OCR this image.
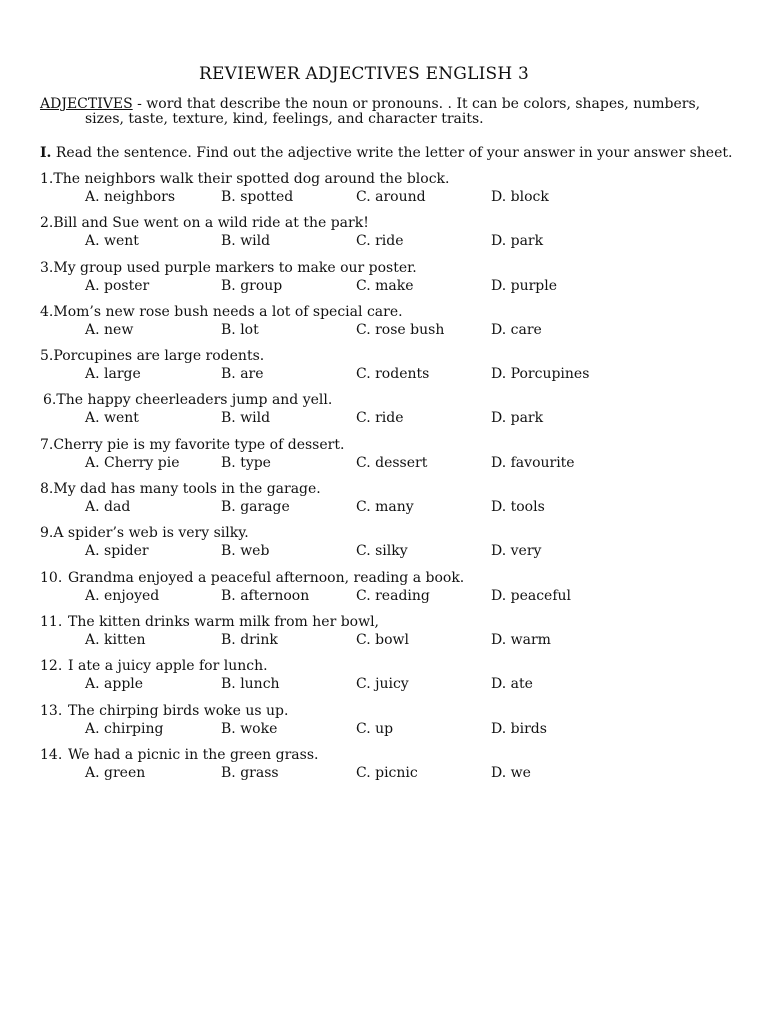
REVIEWER ADJECTIVES ENGLISH 3
ADJECTIVES - word that describe the noun or pronouns. . It can be colors, shapes, numbers,
sizes, taste, texture, kind, feelings, and character traits.
I. Read the sentence. Find out the adjective write the letter of your answer in your answer sheet.
1.The neighbors walk their spotted dog around the block.
A. neighbors	B. spotted	C. around	D. block
2.Bill and Sue went on a wild ride at the park!
A. went	B. wild	C. ride	D. park
3.My group used purple markers to make our poster.
A. poster	B. group	C. make	D. purple
4.Mom’s new rose bush needs a lot of special care.
A. new	B. lot	C. rose bush	D. care
5.Porcupines are large rodents.
A. large	B. are	C. rodents	D. Porcupines
6.The happy cheerleaders jump and yell.
A. went	B. wild	C. ride	D. park
7.Cherry pie is my favorite type of dessert.
A. Cherry pie	B. type	C. dessert	D. favourite
8.My dad has many tools in the garage.
A. dad	B. garage	C. many	D. tools
9.A spider’s web is very silky.
A. spider	B. web	C. silky	D. very
10. Grandma enjoyed a peaceful afternoon, reading a book.
A. enjoyed	B. afternoon	C. reading	D. peaceful
11. The kitten drinks warm milk from her bowl,
A. kitten	B. drink	C. bowl	D. warm
12. I ate a juicy apple for lunch.
A. apple	B. lunch	C. juicy	D. ate
13. The chirping birds woke us up.
A. chirping	B. woke	C. up	D. birds
14. We had a picnic in the green grass.
A. green	B. grass	C. picnic	D. we
